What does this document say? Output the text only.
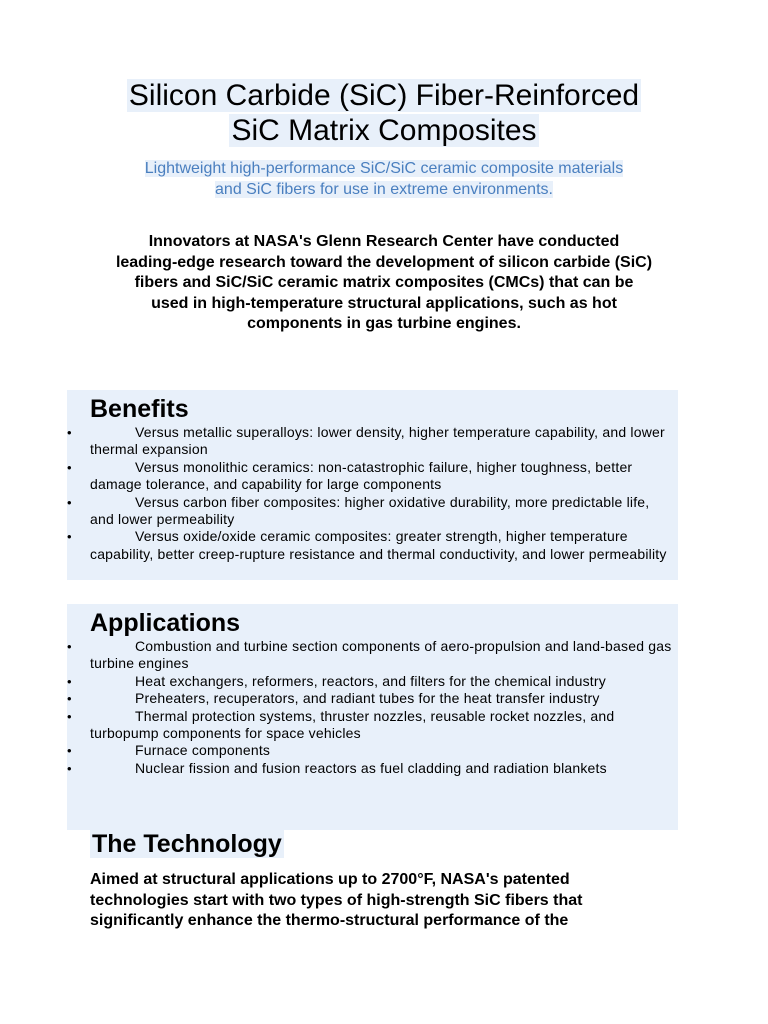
Silicon Carbide (SiC) Fiber-Reinforced
SiC Matrix Composites

Lightweight high-performance SiC/SiC ceramic composite materials
and SiC fibers for use in extreme environments.

Innovators at NASA's Glenn Research Center have conducted
leading-edge research toward the development of silicon carbide (SiC)
fibers and SiC/SiC ceramic matrix composites (CMCs) that can be
used in high-temperature structural applications, such as hot
components in gas turbine engines.

Benefits
•	Versus metallic superalloys: lower density, higher temperature capability, and lower thermal expansion
•	Versus monolithic ceramics: non-catastrophic failure, higher toughness, better damage tolerance, and capability for large components
•	Versus carbon fiber composites: higher oxidative durability, more predictable life, and lower permeability
•	Versus oxide/oxide ceramic composites: greater strength, higher temperature capability, better creep-rupture resistance and thermal conductivity, and lower permeability
Applications
•	Combustion and turbine section components of aero-propulsion and land-based gas turbine engines
•	Heat exchangers, reformers, reactors, and filters for the chemical industry
•	Preheaters, recuperators, and radiant tubes for the heat transfer industry
•	Thermal protection systems, thruster nozzles, reusable rocket nozzles, and turbopump components for space vehicles
•	Furnace components
•	Nuclear fission and fusion reactors as fuel cladding and radiation blankets
The Technology

Aimed at structural applications up to 2700°F, NASA's patented
technologies start with two types of high-strength SiC fibers that
significantly enhance the thermo-structural performance of the
